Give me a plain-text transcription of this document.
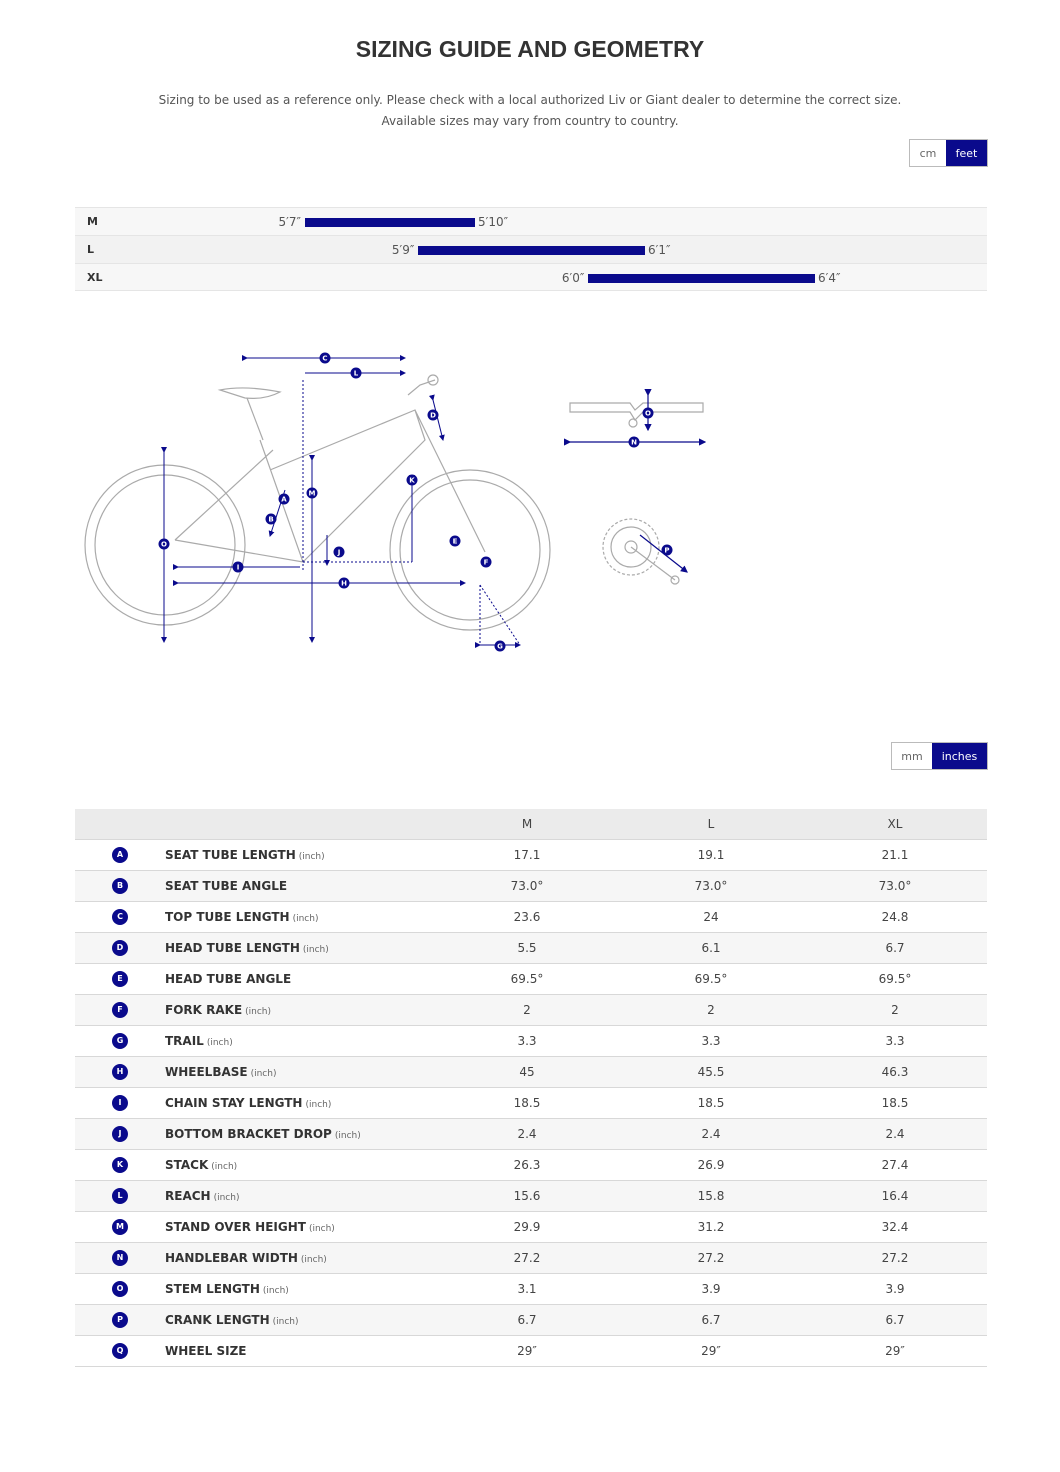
SIZING GUIDE AND GEOMETRY
Sizing to be used as a reference only. Please check with a local authorized Liv or Giant dealer to determine the correct size.
Available sizes may vary from country to country.
cm	feet
M	5′7″	5′10″
L	5′9″	6′1″
XL	6′0″	6′4″
C
L
D
M
K
A
B
O
J
E
F
I
H
G
O
N
P
mm	inches
		M	L	XL
A	SEAT TUBE LENGTH (inch)	17.1	19.1	21.1
B	SEAT TUBE ANGLE	73.0°	73.0°	73.0°
C	TOP TUBE LENGTH (inch)	23.6	24	24.8
D	HEAD TUBE LENGTH (inch)	5.5	6.1	6.7
E	HEAD TUBE ANGLE	69.5°	69.5°	69.5°
F	FORK RAKE (inch)	2	2	2
G	TRAIL (inch)	3.3	3.3	3.3
H	WHEELBASE (inch)	45	45.5	46.3
I	CHAIN STAY LENGTH (inch)	18.5	18.5	18.5
J	BOTTOM BRACKET DROP (inch)	2.4	2.4	2.4
K	STACK (inch)	26.3	26.9	27.4
L	REACH (inch)	15.6	15.8	16.4
M	STAND OVER HEIGHT (inch)	29.9	31.2	32.4
N	HANDLEBAR WIDTH (inch)	27.2	27.2	27.2
O	STEM LENGTH (inch)	3.1	3.9	3.9
P	CRANK LENGTH (inch)	6.7	6.7	6.7
Q	WHEEL SIZE	29″	29″	29″
